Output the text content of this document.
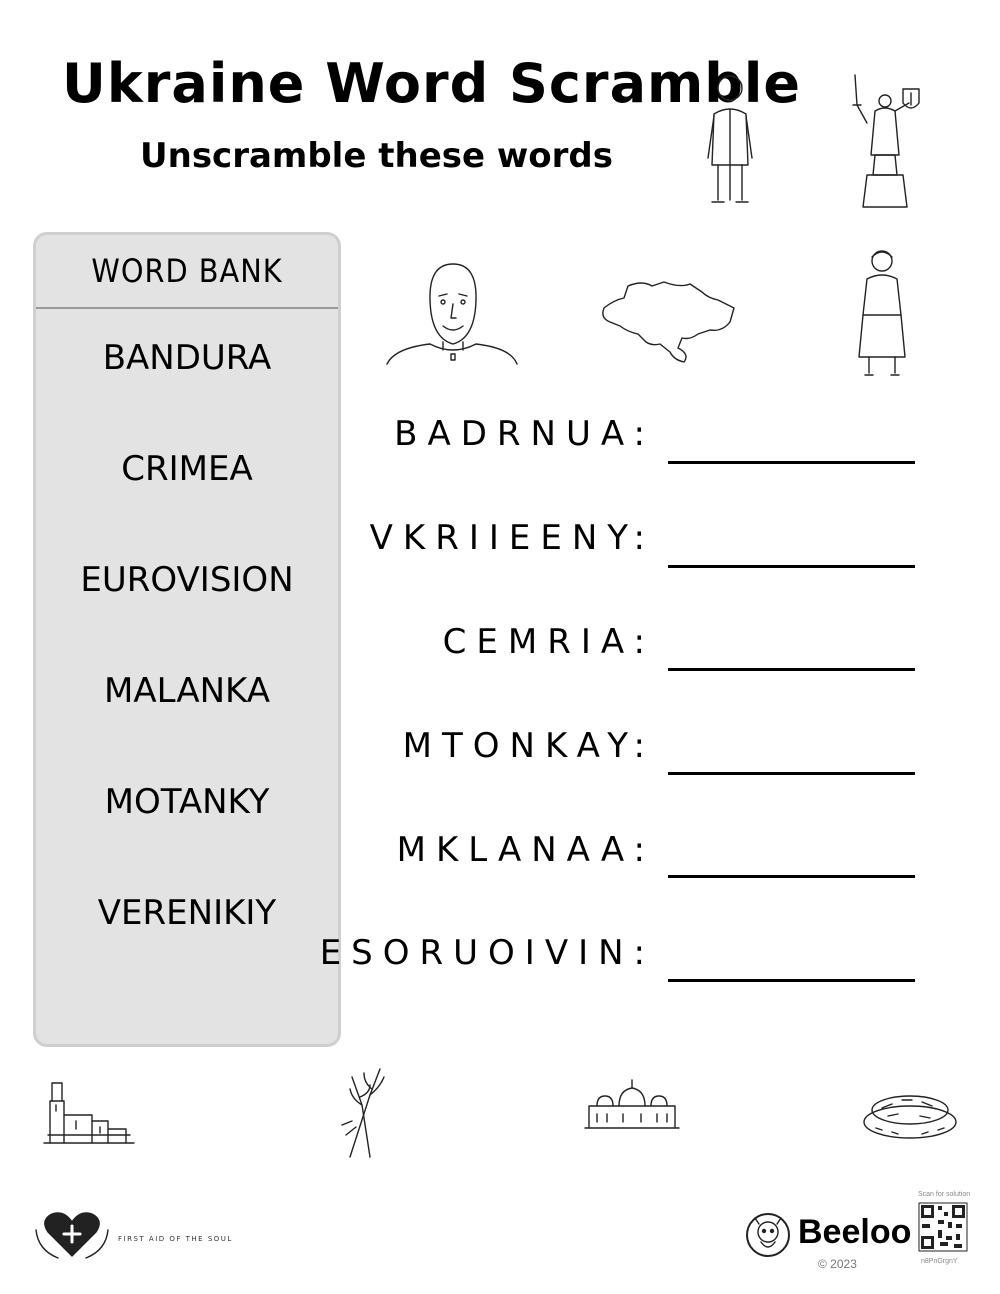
Ukraine Word Scramble
Unscramble these words
WORD BANK
BANDURA
CRIMEA
EUROVISION
MALANKA
MOTANKY
VERENIKIY
BADRNUA:
VKRIIEENY:
CEMRIA:
MTONKAY:
MKLANAA:
ESORUOIVIN:
FIRST AID OF THE SOUL	Beeloo
© 2023
Scan for solution
n8PnGrgnY
